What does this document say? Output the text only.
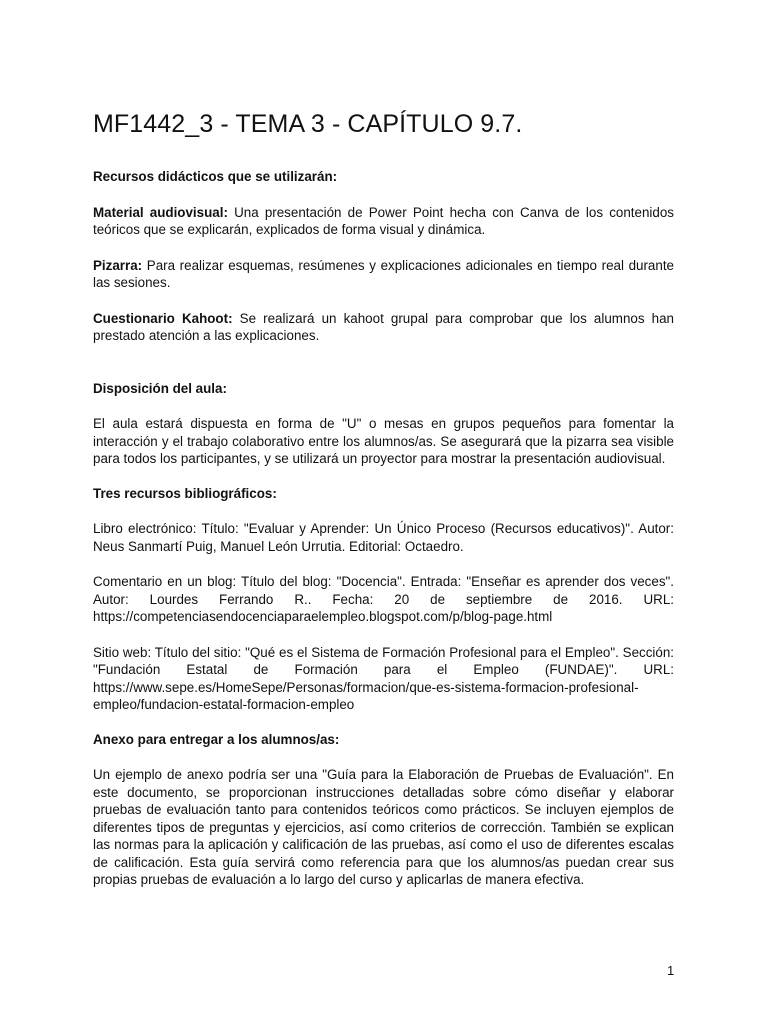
MF1442_3 - TEMA 3 - CAPÍTULO 9.7.

Recursos didácticos que se utilizarán:

Material audiovisual: Una presentación de Power Point hecha con Canva de los contenidos teóricos que se explicarán, explicados de forma visual y dinámica.

Pizarra: Para realizar esquemas, resúmenes y explicaciones adicionales en tiempo real durante las sesiones.

Cuestionario Kahoot: Se realizará un kahoot grupal para comprobar que los alumnos han prestado atención a las explicaciones.

Disposición del aula:

El aula estará dispuesta en forma de "U" o mesas en grupos pequeños para fomentar la interacción y el trabajo colaborativo entre los alumnos/as. Se asegurará que la pizarra sea visible para todos los participantes, y se utilizará un proyector para mostrar la presentación audiovisual.

Tres recursos bibliográficos:

Libro electrónico: Título: "Evaluar y Aprender: Un Único Proceso (Recursos educativos)". Autor: Neus Sanmartí Puig, Manuel León Urrutia. Editorial: Octaedro.

Comentario en un blog: Título del blog: "Docencia". Entrada: "Enseñar es aprender dos veces". Autor: Lourdes Ferrando R.. Fecha: 20 de septiembre de 2016. URL: https://competenciasendocenciaparaelempleo.blogspot.com/p/blog-page.html

Sitio web: Título del sitio: "Qué es el Sistema de Formación Profesional para el Empleo". Sección: "Fundación Estatal de Formación para el Empleo (FUNDAE)". URL: https://www.sepe.es/HomeSepe/Personas/formacion/que-es-sistema-formacion-profesional-empleo/fundacion-estatal-formacion-empleo

Anexo para entregar a los alumnos/as:

Un ejemplo de anexo podría ser una "Guía para la Elaboración de Pruebas de Evaluación". En este documento, se proporcionan instrucciones detalladas sobre cómo diseñar y elaborar pruebas de evaluación tanto para contenidos teóricos como prácticos. Se incluyen ejemplos de diferentes tipos de preguntas y ejercicios, así como criterios de corrección. También se explican las normas para la aplicación y calificación de las pruebas, así como el uso de diferentes escalas de calificación. Esta guía servirá como referencia para que los alumnos/as puedan crear sus propias pruebas de evaluación a lo largo del curso y aplicarlas de manera efectiva.

1
